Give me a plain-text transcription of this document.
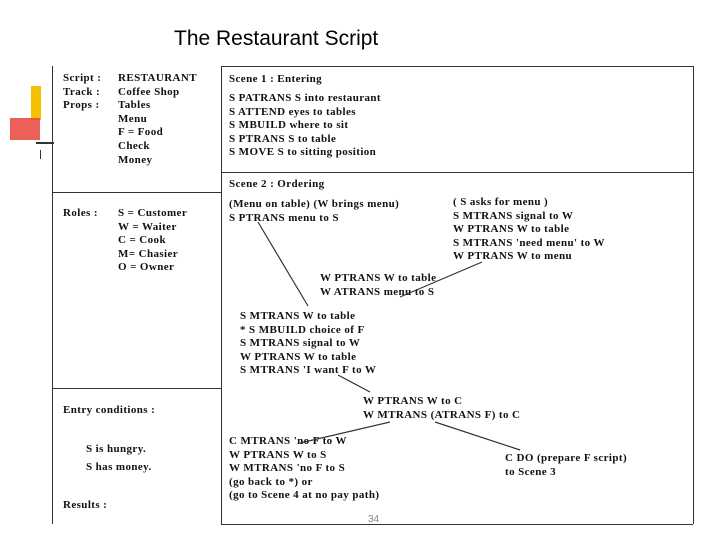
The Restaurant Script
Script :
Track :
Props :
RESTAURANT
Coffee Shop
Tables
Menu
F = Food
Check
Money
Roles : S = Customer
W = Waiter
C = Cook
M= Chasier
O = Owner
Entry conditions :
S is hungry.
S has money.
Results :
Scene 1 : Entering
S PATRANS S into restaurant
S ATTEND eyes to tables
S MBUILD where to sit
S PTRANS S to table
S MOVE S to sitting position
Scene 2 : Ordering
(Menu on table) (W brings menu)
S PTRANS menu to S
( S asks for menu )
S MTRANS signal to W
W PTRANS W to table
S MTRANS 'need menu' to W
W PTRANS W to menu
W PTRANS W to table
W ATRANS menu to S
S MTRANS W to table
* S MBUILD choice of F
S MTRANS signal to W
W PTRANS W to table
S MTRANS 'I want F to W
W PTRANS W to C
W MTRANS (ATRANS F) to C
C MTRANS 'no F to W
W PTRANS W to S
W MTRANS 'no F to S
(go back to *) or
(go to Scene 4 at no pay path)
C DO (prepare F script)
to Scene 3
34
